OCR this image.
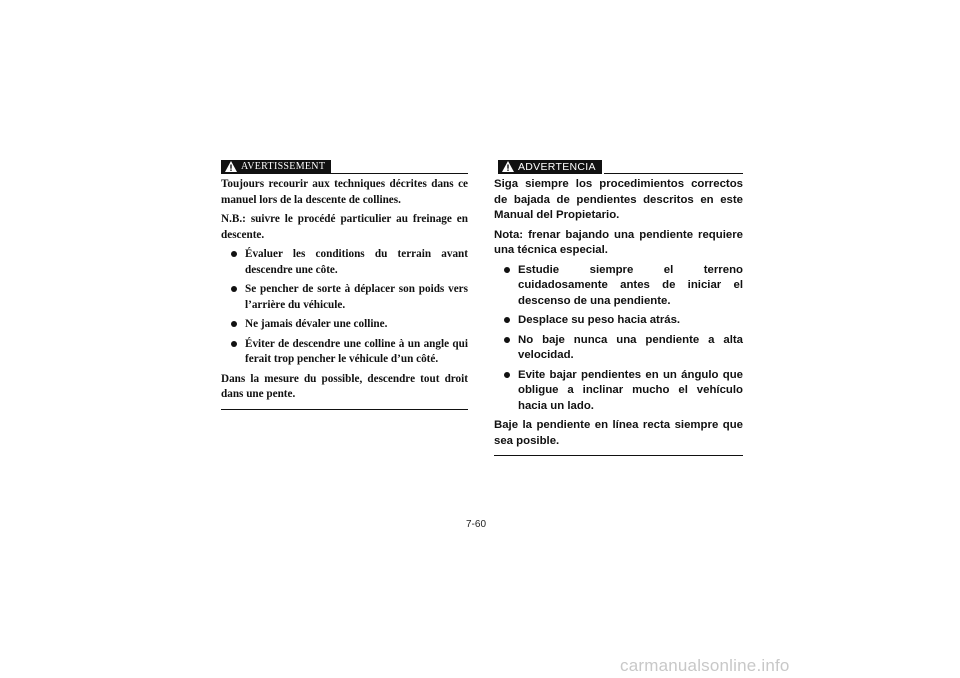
AVERTISSEMENT

Toujours recourir aux techniques décrites dans ce manuel lors de la descente de collines.

N.B.: suivre le procédé particulier au freinage en descente.

Évaluer les conditions du terrain avant descendre une côte.
Se pencher de sorte à déplacer son poids vers l’arrière du véhicule.
Ne jamais dévaler une colline.
Éviter de descendre une colline à un angle qui ferait trop pencher le véhicule d’un côté.

Dans la mesure du possible, descendre tout droit dans une pente.

ADVERTENCIA

Siga siempre los procedimientos correctos de bajada de pendientes descritos en este Manual del Propietario.

Nota: frenar bajando una pendiente requiere una técnica especial.

Estudie siempre el terreno cuidadosamente antes de iniciar el descenso de una pendiente.
Desplace su peso hacia atrás.
No baje nunca una pendiente a alta velocidad.
Evite bajar pendientes en un ángulo que obligue a inclinar mucho el vehículo hacia un lado.

Baje la pendiente en línea recta siempre que sea posible.

7-60
carmanualsonline.info
